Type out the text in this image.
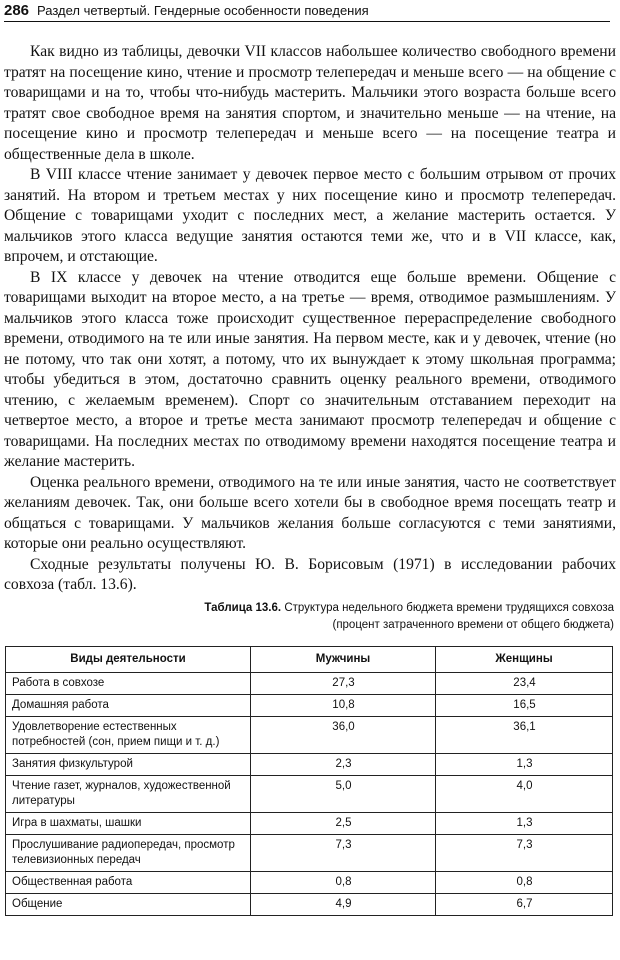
286 Раздел четвертый. Гендерные особенности поведения

Как видно из таблицы, девочки VII классов набольшее количество свободного времени тратят на посещение кино, чтение и просмотр телепередач и меньше всего — на общение с товарищами и на то, чтобы что-нибудь мастерить. Мальчики этого возраста больше всего тратят свое свободное время на занятия спортом, и значительно меньше — на чтение, на посещение кино и просмотр телепередач и меньше всего — на посещение театра и общественные дела в школе.

В VIII классе чтение занимает у девочек первое место с большим отрывом от прочих занятий. На втором и третьем местах у них посещение кино и просмотр телепередач. Общение с товарищами уходит с последних мест, а желание мастерить остается. У мальчиков этого класса ведущие занятия остаются теми же, что и в VII классе, как, впрочем, и отстающие.

В IX классе у девочек на чтение отводится еще больше времени. Общение с товарищами выходит на второе место, а на третье — время, отводимое размышлениям. У мальчиков этого класса тоже происходит существенное перераспределение свободного времени, отводимого на те или иные занятия. На первом месте, как и у девочек, чтение (но не потому, что так они хотят, а потому, что их вынуждает к этому школьная программа; чтобы убедиться в этом, достаточно сравнить оценку реального времени, отводимого чтению, с желаемым временем). Спорт со значительным отставанием переходит на четвертое место, а второе и третье места занимают просмотр телепередач и общение с товарищами. На последних местах по отводимому времени находятся посещение театра и желание мастерить.

Оценка реального времени, отводимого на те или иные занятия, часто не соответствует желаниям девочек. Так, они больше всего хотели бы в свободное время посещать театр и общаться с товарищами. У мальчиков желания больше согласуются с теми занятиями, которые они реально осуществляют.

Сходные результаты получены Ю. В. Борисовым (1971) в исследовании рабочих совхоза (табл. 13.6).

Таблица 13.6. Структура недельного бюджета времени трудящихся совхоза
(процент затраченного времени от общего бюджета)
Виды деятельности	Мужчины	Женщины
Работа в совхозе	27,3	23,4
Домашняя работа	10,8	16,5
Удовлетворение естественных потребностей (сон, прием пищи и т. д.)	36,0	36,1
Занятия физкультурой	2,3	1,3
Чтение газет, журналов, художественной литературы	5,0	4,0
Игра в шахматы, шашки	2,5	1,3
Прослушивание радиопередач, просмотр телевизионных передач	7,3	7,3
Общественная работа	0,8	0,8
Общение	4,9	6,7
